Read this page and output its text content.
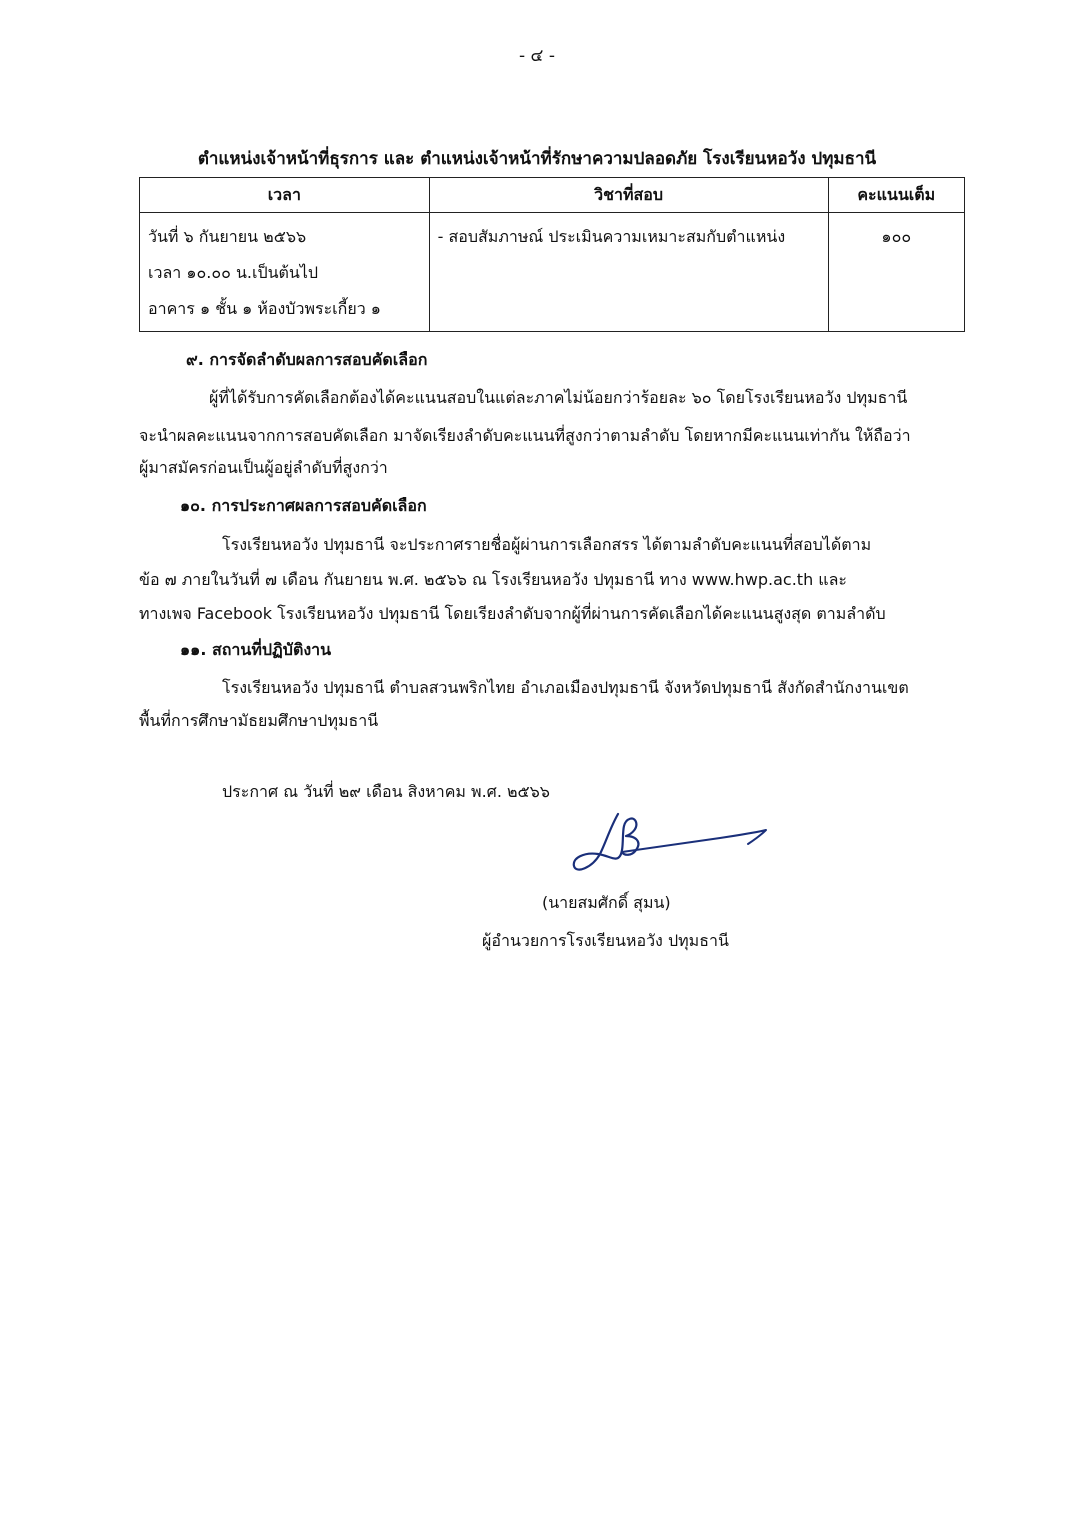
- ๔ -
ตำแหน่งเจ้าหน้าที่ธุรการ และ ตำแหน่งเจ้าหน้าที่รักษาความปลอดภัย โรงเรียนหอวัง ปทุมธานี
เวลา	วิชาที่สอบ	คะแนนเต็ม

วันที่ ๖ กันยายน ๒๕๖๖
เวลา ๑๐.๐๐ น.เป็นต้นไป
อาคาร ๑ ชั้น ๑ ห้องบัวพระเกี้ยว ๑	- สอบสัมภาษณ์ ประเมินความเหมาะสมกับตำแหน่ง	๑๐๐
๙. การจัดลำดับผลการสอบคัดเลือก
ผู้ที่ได้รับการคัดเลือกต้องได้คะแนนสอบในแต่ละภาคไม่น้อยกว่าร้อยละ ๖๐ โดยโรงเรียนหอวัง ปทุมธานี
จะนำผลคะแนนจากการสอบคัดเลือก มาจัดเรียงลำดับคะแนนที่สูงกว่าตามลำดับ โดยหากมีคะแนนเท่ากัน ให้ถือว่า
ผู้มาสมัครก่อนเป็นผู้อยู่ลำดับที่สูงกว่า
๑๐. การประกาศผลการสอบคัดเลือก
โรงเรียนหอวัง ปทุมธานี จะประกาศรายชื่อผู้ผ่านการเลือกสรร ได้ตามลำดับคะแนนที่สอบได้ตาม
ข้อ ๗ ภายในวันที่ ๗ เดือน กันยายน พ.ศ. ๒๕๖๖ ณ โรงเรียนหอวัง ปทุมธานี ทาง www.hwp.ac.th และ
ทางเพจ Facebook โรงเรียนหอวัง ปทุมธานี โดยเรียงลำดับจากผู้ที่ผ่านการคัดเลือกได้คะแนนสูงสุด ตามลำดับ
๑๑. สถานที่ปฏิบัติงาน
โรงเรียนหอวัง ปทุมธานี ตำบลสวนพริกไทย อำเภอเมืองปทุมธานี จังหวัดปทุมธานี สังกัดสำนักงานเขต
พื้นที่การศึกษามัธยมศึกษาปทุมธานี
ประกาศ ณ วันที่ ๒๙ เดือน สิงหาคม พ.ศ. ๒๕๖๖
(นายสมศักดิ์ สุมน)
ผู้อำนวยการโรงเรียนหอวัง ปทุมธานี
